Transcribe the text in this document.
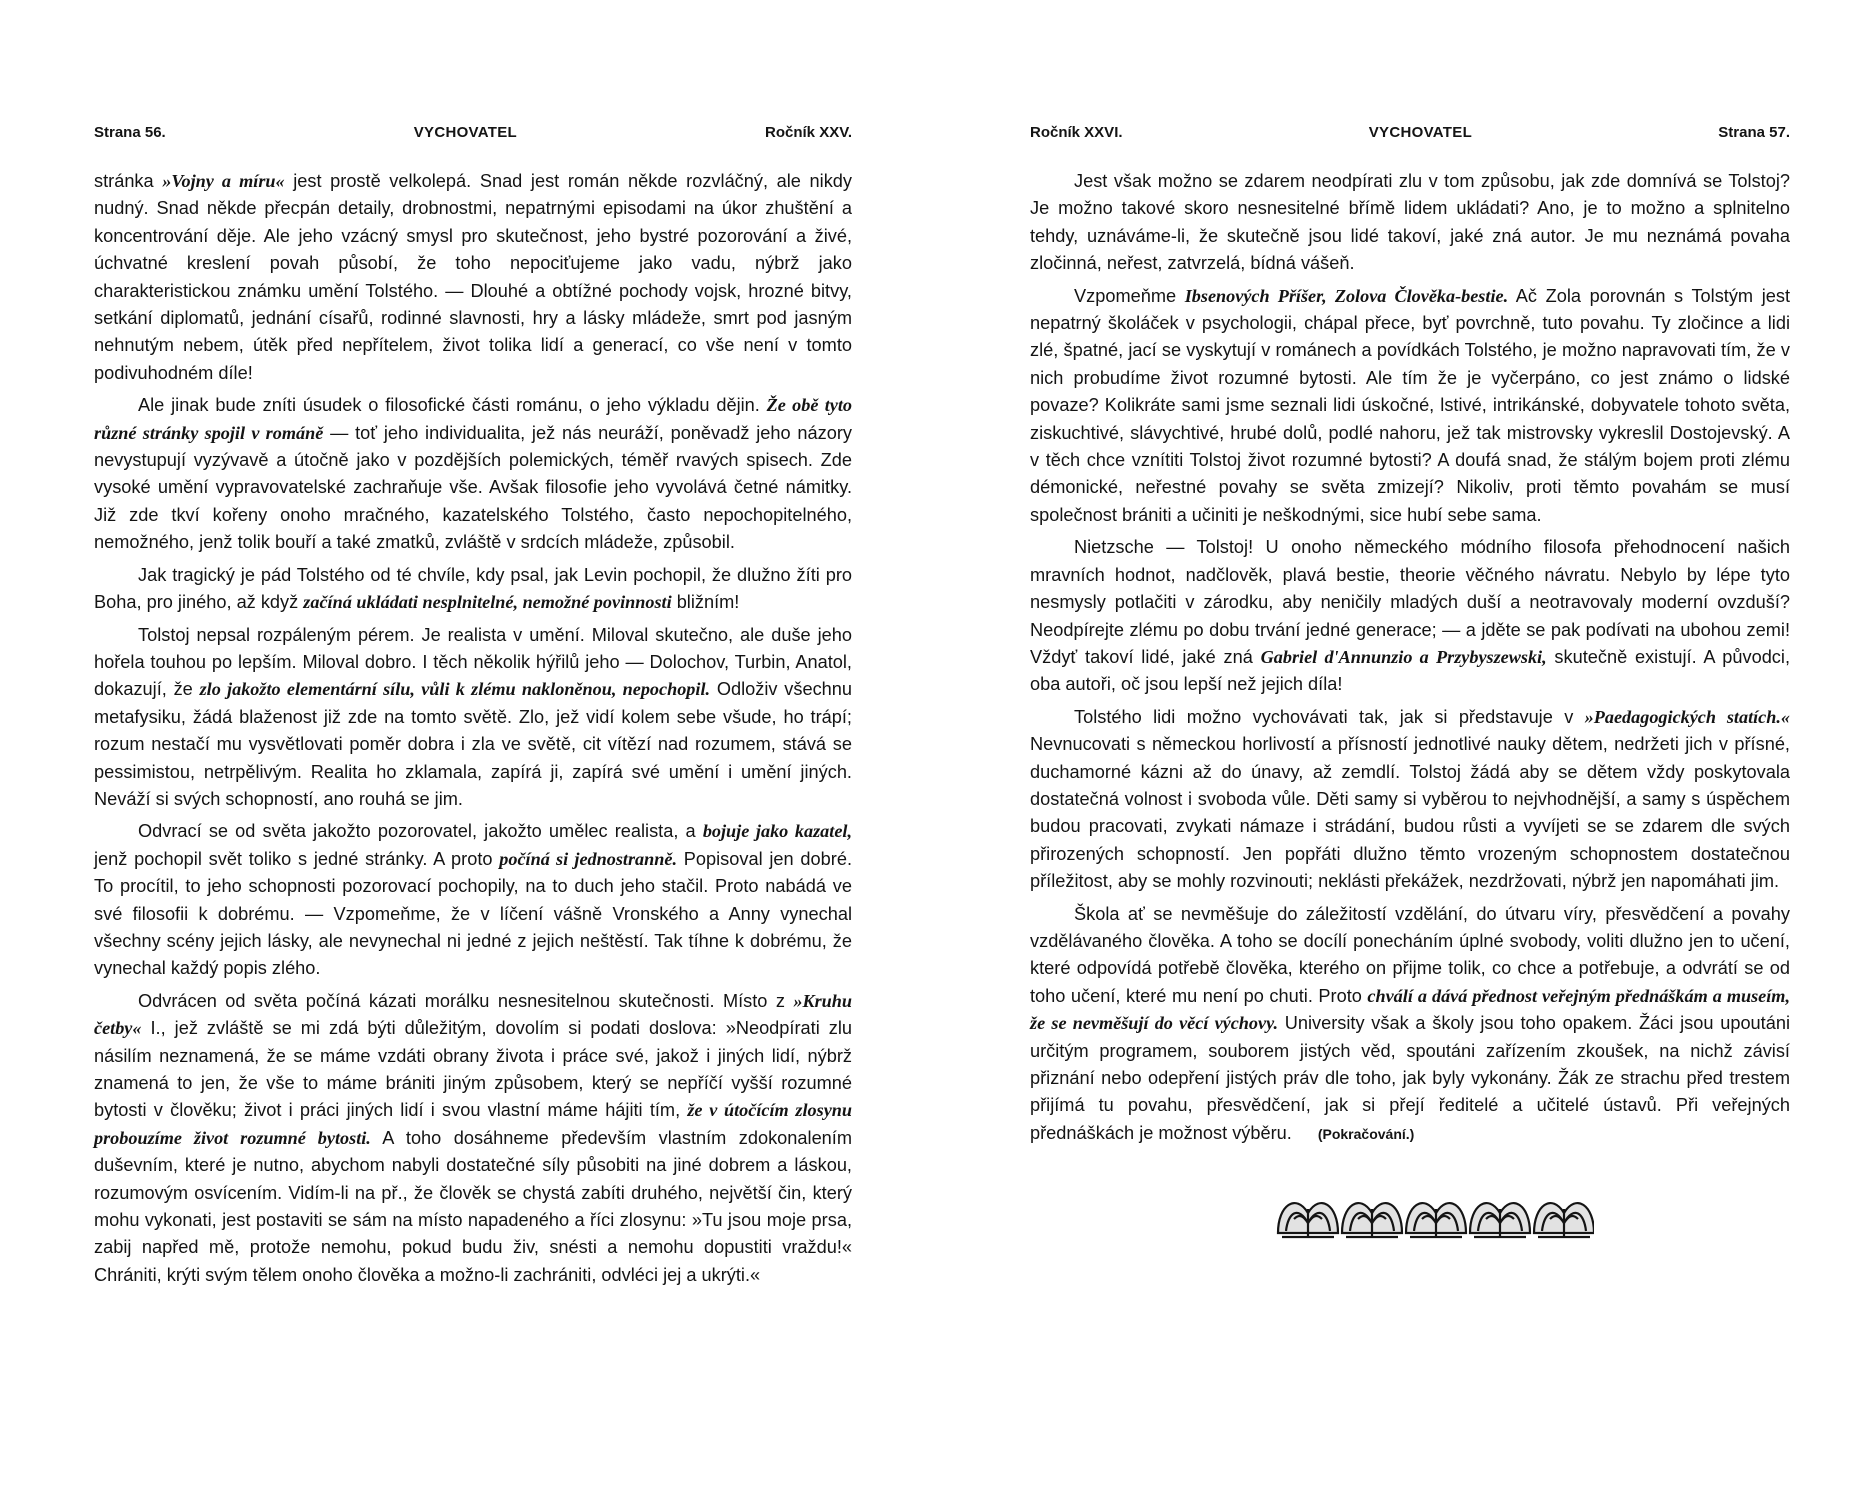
Strana 56.	VYCHOVATEL	Ročník XXV.

stránka »Vojny a míru« jest prostě velkolepá. Snad jest román někde rozvláčný, ale nikdy nudný. Snad někde přecpán detaily, drobnostmi, nepatrnými episodami na úkor zhuštění a koncentrování děje. Ale jeho vzácný smysl pro skutečnost, jeho bystré pozorování a živé, úchvatné kreslení povah působí, že toho nepociťujeme jako vadu, nýbrž jako charakteristickou známku umění Tolstého. — Dlouhé a obtížné pochody vojsk, hrozné bitvy, setkání diplomatů, jednání císařů, rodinné slavnosti, hry a lásky mládeže, smrt pod jasným nehnutým nebem, útěk před nepřítelem, život tolika lidí a generací, co vše není v tomto podivuhodném díle!

Ale jinak bude zníti úsudek o filosofické části románu, o jeho výkladu dějin. Že obě tyto různé stránky spojil v románě — toť jeho individualita, jež nás neuráží, poněvadž jeho názory nevystupují vyzývavě a útočně jako v pozdějších polemických, téměř rvavých spisech. Zde vysoké umění vypravovatelské zachraňuje vše. Avšak filosofie jeho vyvolává četné námitky. Již zde tkví kořeny onoho mračného, kazatelského Tolstého, často nepochopitelného, nemožného, jenž tolik bouří a také zmatků, zvláště v srdcích mládeže, způsobil.

Jak tragický je pád Tolstého od té chvíle, kdy psal, jak Levin pochopil, že dlužno žíti pro Boha, pro jiného, až když začíná ukládati nesplnitelné, nemožné povinnosti bližním!

Tolstoj nepsal rozpáleným pérem. Je realista v umění. Miloval skutečno, ale duše jeho hořela touhou po lepším. Miloval dobro. I těch několik hýřilů jeho — Dolochov, Turbin, Anatol, dokazují, že zlo jakožto elementární sílu, vůli k zlému nakloněnou, nepochopil. Odloživ všechnu metafysiku, žádá blaženost již zde na tomto světě. Zlo, jež vidí kolem sebe všude, ho trápí; rozum nestačí mu vysvětlovati poměr dobra i zla ve světě, cit vítězí nad rozumem, stává se pessimistou, netrpělivým. Realita ho zklamala, zapírá ji, zapírá své umění i umění jiných. Neváží si svých schopností, ano rouhá se jim.

Odvrací se od světa jakožto pozorovatel, jakožto umělec realista, a bojuje jako kazatel, jenž pochopil svět toliko s jedné stránky. A proto počíná si jednostranně. Popisoval jen dobré. To procítil, to jeho schopnosti pozorovací pochopily, na to duch jeho stačil. Proto nabádá ve své filosofii k dobrému. — Vzpomeňme, že v líčení vášně Vronského a Anny vynechal všechny scény jejich lásky, ale nevynechal ni jedné z jejich neštěstí. Tak tíhne k dobrému, že vynechal každý popis zlého.

Odvrácen od světa počíná kázati morálku nesnesitelnou skutečnosti. Místo z »Kruhu četby« I., jež zvláště se mi zdá býti důležitým, dovolím si podati doslova: »Neodpírati zlu násilím neznamená, že se máme vzdáti obrany života i práce své, jakož i jiných lidí, nýbrž znamená to jen, že vše to máme brániti jiným způsobem, který se nepříčí vyšší rozumné bytosti v člověku; život i práci jiných lidí i svou vlastní máme hájiti tím, že v útočícím zlosynu probouzíme život rozumné bytosti. A toho dosáhneme především vlastním zdokonalením duševním, které je nutno, abychom nabyli dostatečné síly působiti na jiné dobrem a láskou, rozumovým osvícením. Vidím-li na př., že člověk se chystá zabíti druhého, největší čin, který mohu vykonati, jest postaviti se sám na místo napadeného a říci zlosynu: »Tu jsou moje prsa, zabij napřed mě, protože nemohu, pokud budu živ, snésti a nemohu dopustiti vraždu!« Chrániti, krýti svým tělem onoho člověka a možno-li zachrániti, odvléci jej a ukrýti.«

Ročník XXVI.	VYCHOVATEL	Strana 57.

Jest však možno se zdarem neodpírati zlu v tom způsobu, jak zde domnívá se Tolstoj? Je možno takové skoro nesnesitelné břímě lidem ukládati? Ano, je to možno a splnitelno tehdy, uznáváme-li, že skutečně jsou lidé takoví, jaké zná autor. Je mu neznámá povaha zločinná, neřest, zatvrzelá, bídná vášeň.

Vzpomeňme Ibsenových Příšer, Zolova Člověka-bestie. Ač Zola porovnán s Tolstým jest nepatrný školáček v psychologii, chápal přece, byť povrchně, tuto povahu. Ty zločince a lidi zlé, špatné, jací se vyskytují v románech a povídkách Tolstého, je možno napravovati tím, že v nich probudíme život rozumné bytosti. Ale tím že je vyčerpáno, co jest známo o lidské povaze? Kolikráte sami jsme seznali lidi úskočné, lstivé, intrikánské, dobyvatele tohoto světa, ziskuchtivé, slávychtivé, hrubé dolů, podlé nahoru, jež tak mistrovsky vykreslil Dostojevský. A v těch chce vznítiti Tolstoj život rozumné bytosti? A doufá snad, že stálým bojem proti zlému démonické, neřestné povahy se světa zmizejí? Nikoliv, proti těmto povahám se musí společnost brániti a učiniti je neškodnými, sice hubí sebe sama.

Nietzsche — Tolstoj! U onoho německého módního filosofa přehodnocení našich mravních hodnot, nadčlověk, plavá bestie, theorie věčného návratu. Nebylo by lépe tyto nesmysly potlačiti v zárodku, aby neničily mladých duší a neotravovaly moderní ovzduší? Neodpírejte zlému po dobu trvání jedné generace; — a jděte se pak podívati na ubohou zemi! Vždyť takoví lidé, jaké zná Gabriel d'Annunzio a Przybyszewski, skutečně existují. A původci, oba autoři, oč jsou lepší než jejich díla!

Tolstého lidi možno vychovávati tak, jak si představuje v »Paedagogických statích.« Nevnucovati s německou horlivostí a přísností jednotlivé nauky dětem, nedržeti jich v přísné, duchamorné kázni až do únavy, až zemdlí. Tolstoj žádá aby se dětem vždy poskytovala dostatečná volnost i svoboda vůle. Děti samy si vyběrou to nejvhodnější, a samy s úspěchem budou pracovati, zvykati námaze i strádání, budou růsti a vyvíjeti se se zdarem dle svých přirozených schopností. Jen popřáti dlužno těmto vrozeným schopnostem dostatečnou příležitost, aby se mohly rozvinouti; neklásti překážek, nezdržovati, nýbrž jen napomáhati jim.

Škola ať se nevměšuje do záležitostí vzdělání, do útvaru víry, přesvědčení a povahy vzdělávaného člověka. A toho se docílí ponecháním úplné svobody, voliti dlužno jen to učení, které odpovídá potřebě člověka, kterého on přijme tolik, co chce a potřebuje, a odvrátí se od toho učení, které mu není po chuti. Proto chválí a dává přednost veřejným přednáškám a museím, že se nevměšují do věcí výchovy. University však a školy jsou toho opakem. Žáci jsou upoutáni určitým programem, souborem jistých věd, spoutáni zařízením zkoušek, na nichž závisí přiznání nebo odepření jistých práv dle toho, jak byly vykonány. Žák ze strachu před trestem přijímá tu povahu, přesvědčení, jak si přejí ředitelé a učitelé ústavů. Při veřejných přednáškách je možnost výběru. (Pokračování.)
